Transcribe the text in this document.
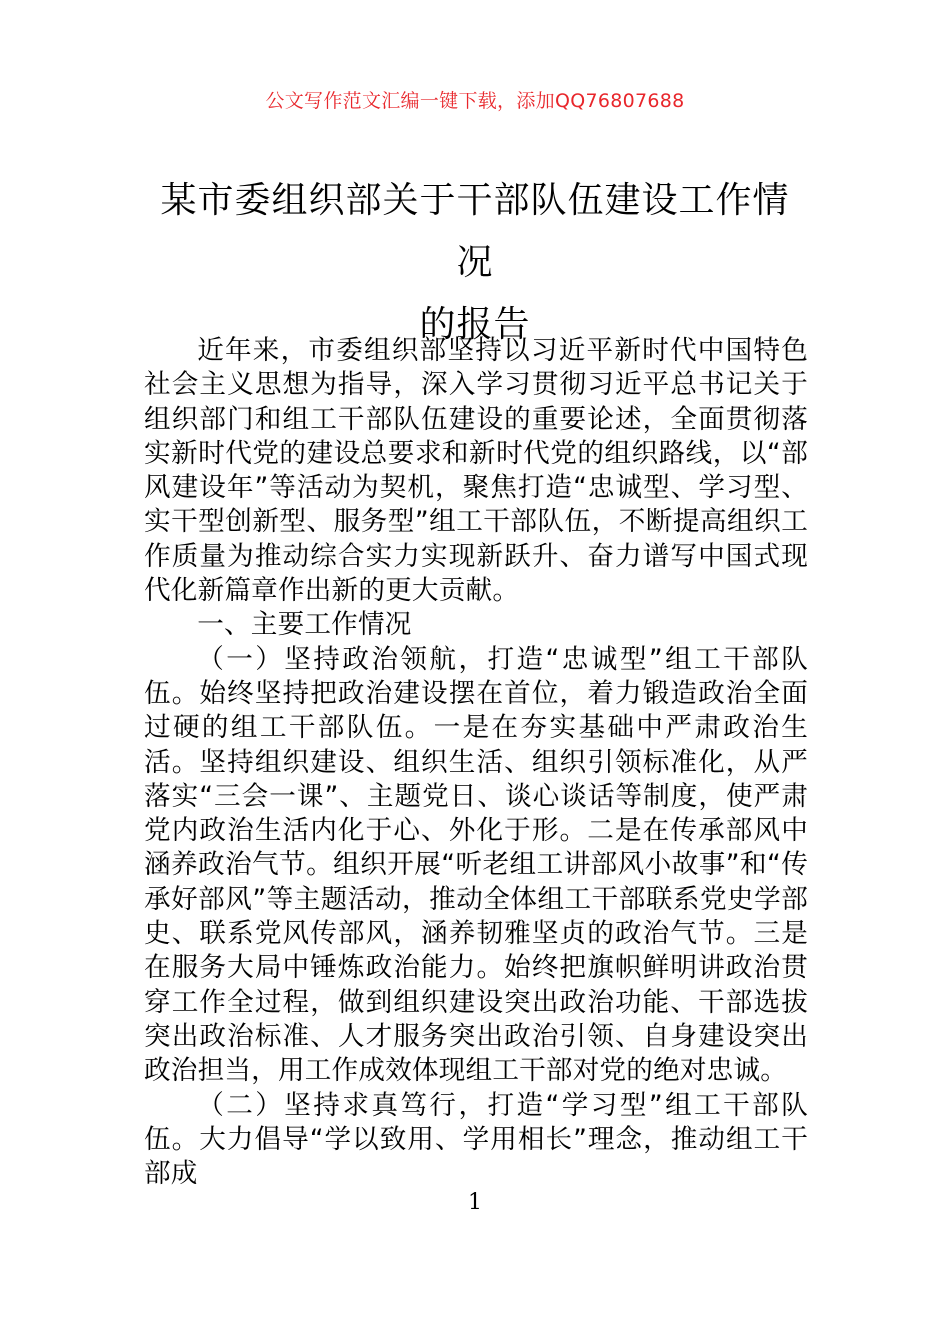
公文写作范文汇编一键下载，添加QQ76807688
某市委组织部关于干部队伍建设工作情况
的报告

近年来，市委组织部坚持以习近平新时代中国特色社会主义思想为指导，深入学习贯彻习近平总书记关于组织部门和组工干部队伍建设的重要论述，全面贯彻落实新时代党的建设总要求和新时代党的组织路线，以“部风建设年”等活动为契机，聚焦打造“忠诚型、学习型、实干型创新型、服务型”组工干部队伍，不断提高组织工作质量为推动综合实力实现新跃升、奋力谱写中国式现代化新篇章作出新的更大贡献。

一、主要工作情况

（一）坚持政治领航，打造“忠诚型”组工干部队伍。始终坚持把政治建设摆在首位，着力锻造政治全面过硬的组工干部队伍。一是在夯实基础中严肃政治生活。坚持组织建设、组织生活、组织引领标准化，从严落实“三会一课”、主题党日、谈心谈话等制度，使严肃党内政治生活内化于心、外化于形。二是在传承部风中涵养政治气节。组织开展“听老组工讲部风小故事”和“传承好部风”等主题活动，推动全体组工干部联系党史学部史、联系党风传部风，涵养韧雅坚贞的政治气节。三是在服务大局中锤炼政治能力。始终把旗帜鲜明讲政治贯穿工作全过程，做到组织建设突出政治功能、干部选拔突出政治标准、人才服务突出政治引领、自身建设突出政治担当，用工作成效体现组工干部对党的绝对忠诚。

（二）坚持求真笃行，打造“学习型”组工干部队伍。大力倡导“学以致用、学用相长”理念，推动组工干部成

1
